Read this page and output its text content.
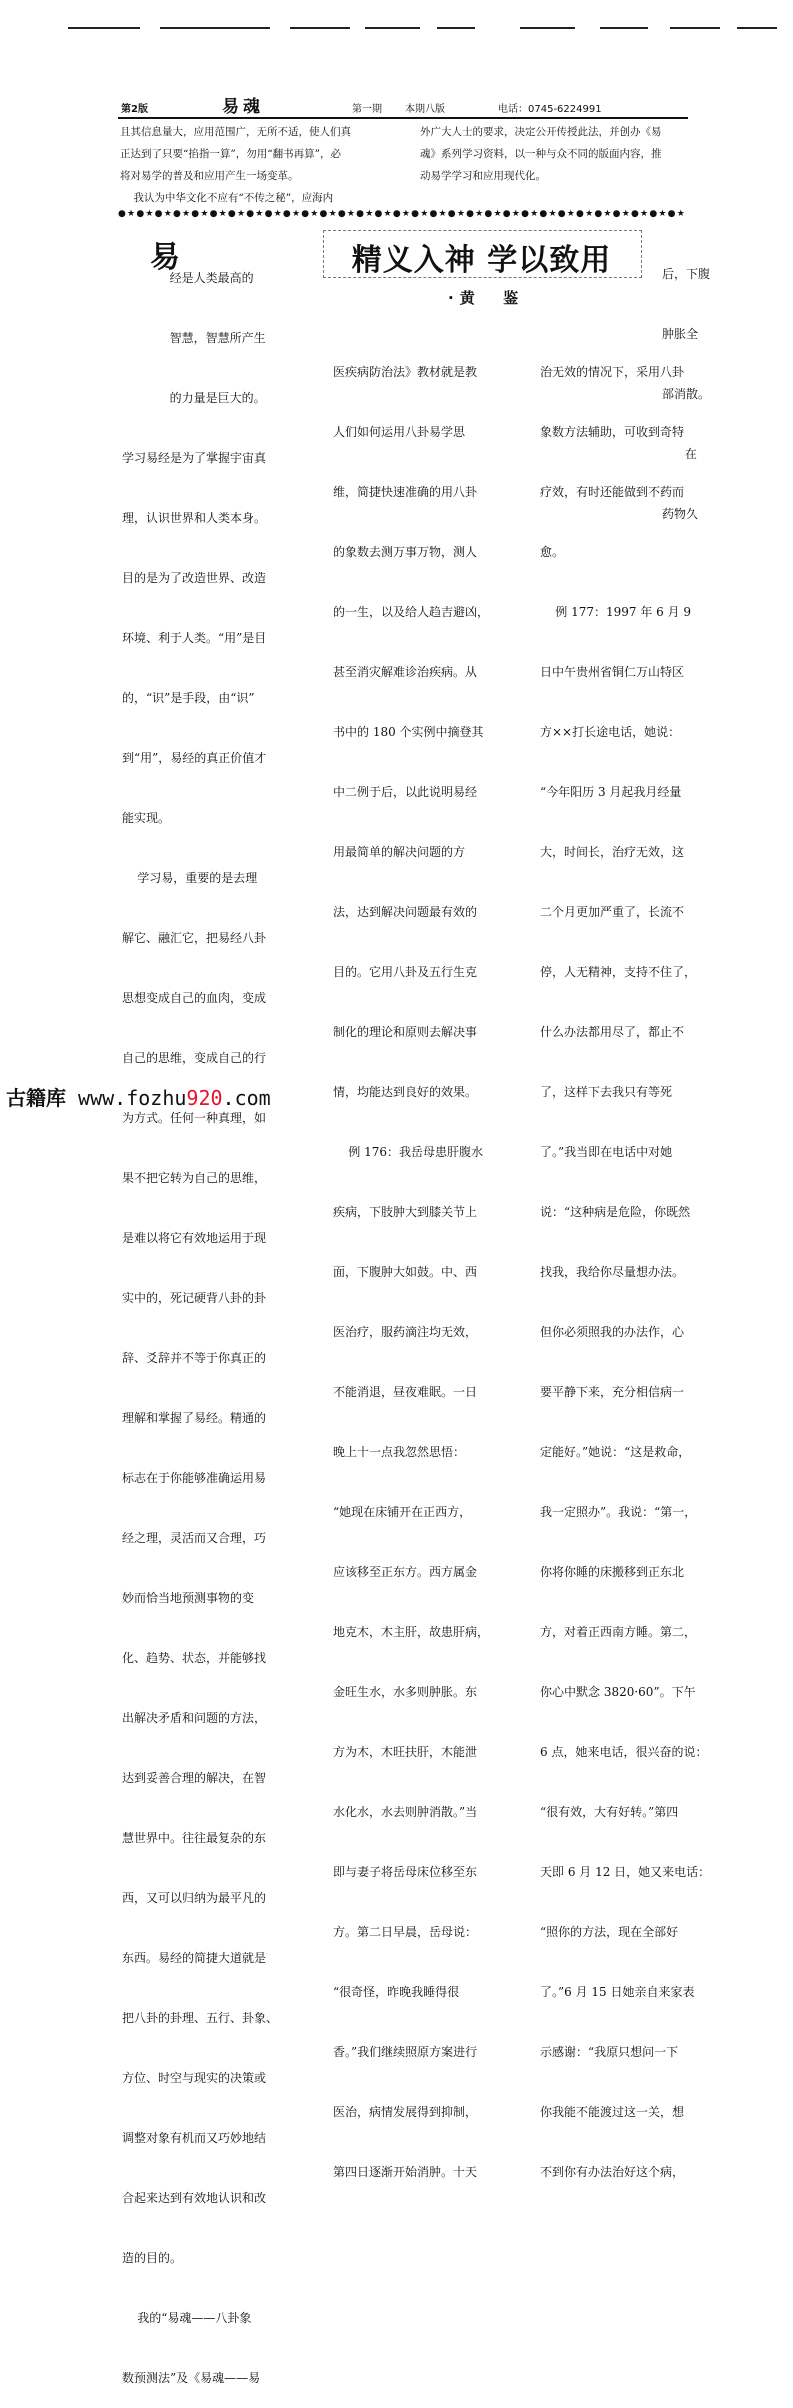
第2版	易魂	第一期 本期八版	电话：0745-6224991
且其信息量大，应用范围广，无所不适，使人们真
正达到了只要“掐指一算”，勿用“翻书再算”，必
将对易学的普及和应用产生一场变革。
我认为中华文化不应有“不传之秘”，应海内
外广大人士的要求，决定公开传授此法，并创办《易
魂》系列学习资料，以一种与众不同的版面内容，推
动易学学习和应用现代化。
●★●★●★●★●★●★●★●★●★●★●★●★●★●★●★●★●★●★●★●★●★●★●★●★●★●★●★●★●★●★●★
精义入神 学以致用
·黄  鉴
易

经是人类最高的

智慧，智慧所产生

的力量是巨大的。

学习易经是为了掌握宇宙真

理，认识世界和人类本身。

目的是为了改造世界、改造

环境、利于人类。“用”是目

的，“识”是手段，由“识”

到“用”，易经的真正价值才

能实现。

学习易，重要的是去理

解它、融汇它，把易经八卦

思想变成自己的血肉，变成

自己的思维，变成自己的行

为方式。任何一种真理，如

果不把它转为自己的思维，

是难以将它有效地运用于现

实中的，死记硬背八卦的卦

辞、爻辞并不等于你真正的

理解和掌握了易经。精通的

标志在于你能够准确运用易

经之理，灵活而又合理，巧

妙而恰当地预测事物的变

化、趋势、状态，并能够找

出解决矛盾和问题的方法，

达到妥善合理的解决，在智

慧世界中。往往最复杂的东

西，又可以归纳为最平凡的

东西。易经的简捷大道就是

把八卦的卦理、五行、卦象、

方位、时空与现实的决策或

调整对象有机而又巧妙地结

合起来达到有效地认识和改

造的目的。

我的“易魂——八卦象

数预测法”及《易魂——易

医疾病防治法》教材就是教

人们如何运用八卦易学思

维，简捷快速准确的用八卦

的象数去测万事万物，测人

的一生，以及给人趋吉避凶，

甚至消灾解难诊治疾病。从

书中的 180 个实例中摘登其

中二例于后，以此说明易经

用最简单的解决问题的方

法，达到解决问题最有效的

目的。它用八卦及五行生克

制化的理论和原则去解决事

情，均能达到良好的效果。

例 176：我岳母患肝腹水

疾病，下肢肿大到膝关节上

面，下腹肿大如鼓。中、西

医治疗，服药滴注均无效，

不能消退，昼夜难眠。一日

晚上十一点我忽然思悟：

“她现在床铺开在正西方，

应该移至正东方。西方属金

地克木，木主肝，故患肝病，

金旺生水，水多则肿胀。东

方为木，木旺扶肝，木能泄

水化水，水去则肿消散。”当

即与妻子将岳母床位移至东

方。第二日早晨，岳母说：

“很奇怪，昨晚我睡得很

香。”我们继续照原方案进行

医治，病情发展得到抑制，

第四日逐渐开始消肿。十天

后，下腹

肿胀全

部消散。

在

药物久

治无效的情况下，采用八卦

象数方法辅助，可收到奇特

疗效，有时还能做到不药而

愈。

例 177：1997 年 6 月 9

日中午贵州省铜仁万山特区

方××打长途电话，她说：

“今年阳历 3 月起我月经量

大，时间长，治疗无效，这

二个月更加严重了，长流不

停，人无精神，支持不住了，

什么办法都用尽了，都止不

了，这样下去我只有等死

了。”我当即在电话中对她

说：“这种病是危险，你既然

找我，我给你尽量想办法。

但你必须照我的办法作，心

要平静下来，充分相信病一

定能好。”她说：“这是救命，

我一定照办”。我说：“第一，

你将你睡的床搬移到正东北

方，对着正西南方睡。第二，

你心中默念 3820·60”。下午

6 点，她来电话，很兴奋的说：

“很有效，大有好转。”第四

天即 6 月 12 日，她又来电话：

“照你的方法，现在全部好

了。”6 月 15 日她亲自来家表

示感谢：“我原只想问一下

你我能不能渡过这一关，想

不到你有办法治好这个病，

古籍库 www.fozhu920.com
